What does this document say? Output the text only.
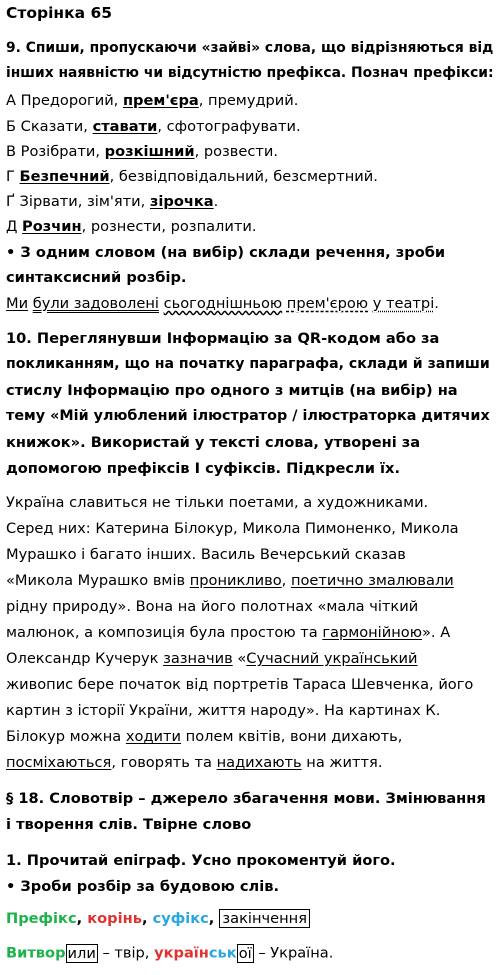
Сторінка 65
9. Спиши, пропускаючи «зайві» слова, що відрізняються від
інших наявністю чи відсутністю префікса. Познач префікси:
А Предорогий, прем'єра, премудрий.
Б Сказати, ставати, сфотографувати.
В Розібрати, розкішний, розвести.
Г Безпечний, безвідповідальний, безсмертний.
Ґ Зірвати, зім'яти, зірочка.
Д Розчин, рознести, розпалити.
• З одним словом (на вибір) склади речення, зроби
синтаксисний розбір.
Ми були задоволені сьогоднішньою прем'єрою у театрі.
10. Переглянувши Інформацію за QR-кодом або за
покликанням, що на початку параграфа, склади й запиши
стислу Інформацію про одного з митців (на вибір) на
тему «Мій улюблений ілюстратор / ілюстраторка дитячих
книжок». Використай у тексті слова, утворені за
допомогою префіксів І суфіксів. Підкресли їх.
Україна славиться не тільки поетами, а художниками.
Серед них: Катерина Білокур, Микола Пимоненко, Микола
Мурашко і багато інших. Василь Вечерський сказав
«Микола Мурашко вмів проникливо, поетично змалювали
рідну природу». Вона на його полотнах «мала чіткий
малюнок, а композиція була простою та гармонійною». А
Олександр Кучерук зазначив «Сучасний український
живопис бере початок від портретів Тараса Шевченка, його
картин з історії України, життя народу». На картинах К.
Білокур можна ходити полем квітів, вони дихають,
посміхаються, говорять та надихають на життя.
§ 18. Словотвір – джерело збагачення мови. Змінювання
і творення слів. Твірне слово
1. Прочитай епіграф. Усно прокоментуй його.
• Зроби розбір за будовою слів.
Префікс, корінь, суфікс, закінчення
Витвор или – твір, українськ ої – Україна.
